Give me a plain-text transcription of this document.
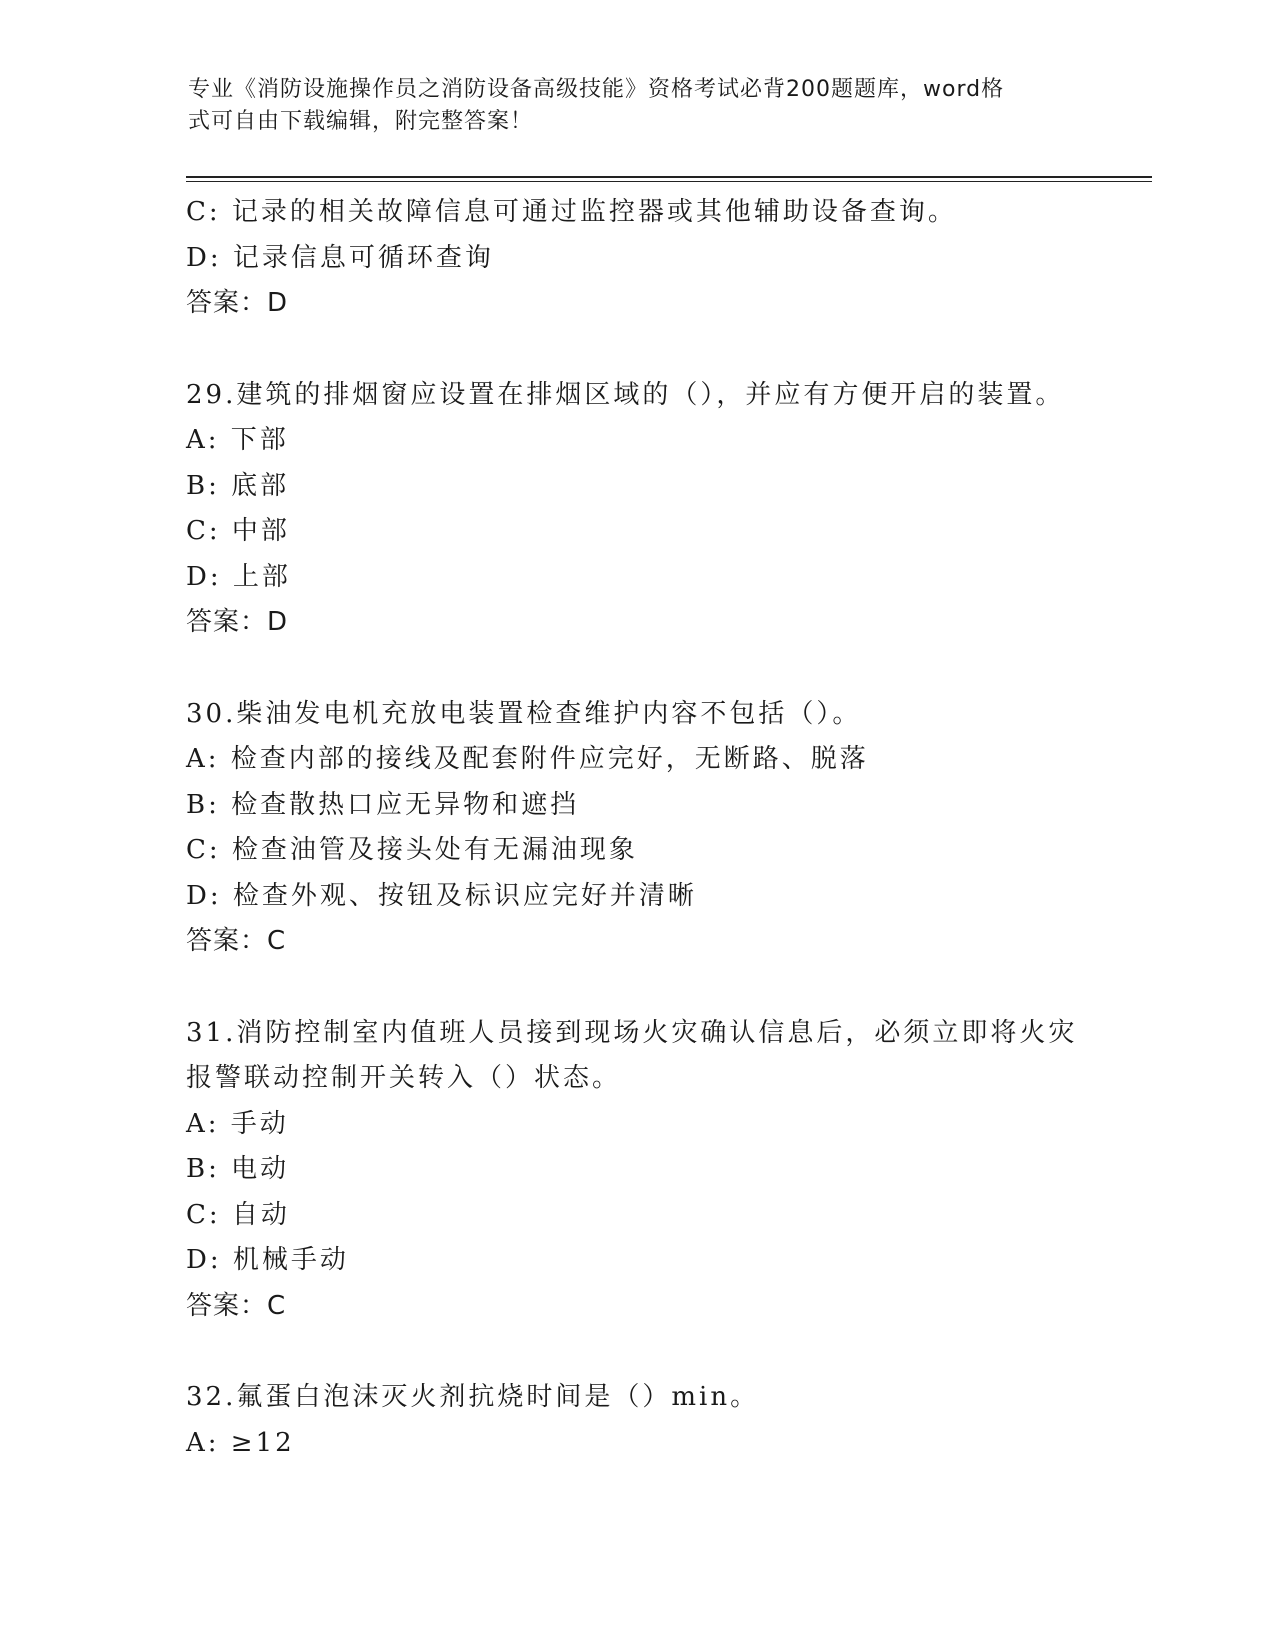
专业《消防设施操作员之消防设备高级技能》资格考试必背200题题库，word格
式可自由下载编辑，附完整答案！
C: 记录的相关故障信息可通过监控器或其他辅助设备查询。
D: 记录信息可循环查询
答案：D
29.建筑的排烟窗应设置在排烟区域的（），并应有方便开启的装置。
A: 下部
B: 底部
C: 中部
D: 上部
答案：D
30.柴油发电机充放电装置检查维护内容不包括（）。
A: 检查内部的接线及配套附件应完好，无断路、脱落
B: 检查散热口应无异物和遮挡
C: 检查油管及接头处有无漏油现象
D: 检查外观、按钮及标识应完好并清晰
答案：C
31.消防控制室内值班人员接到现场火灾确认信息后，必须立即将火灾
报警联动控制开关转入（）状态。
A: 手动
B: 电动
C: 自动
D: 机械手动
答案：C
32.氟蛋白泡沫灭火剂抗烧时间是（）min。
A: ≥12
